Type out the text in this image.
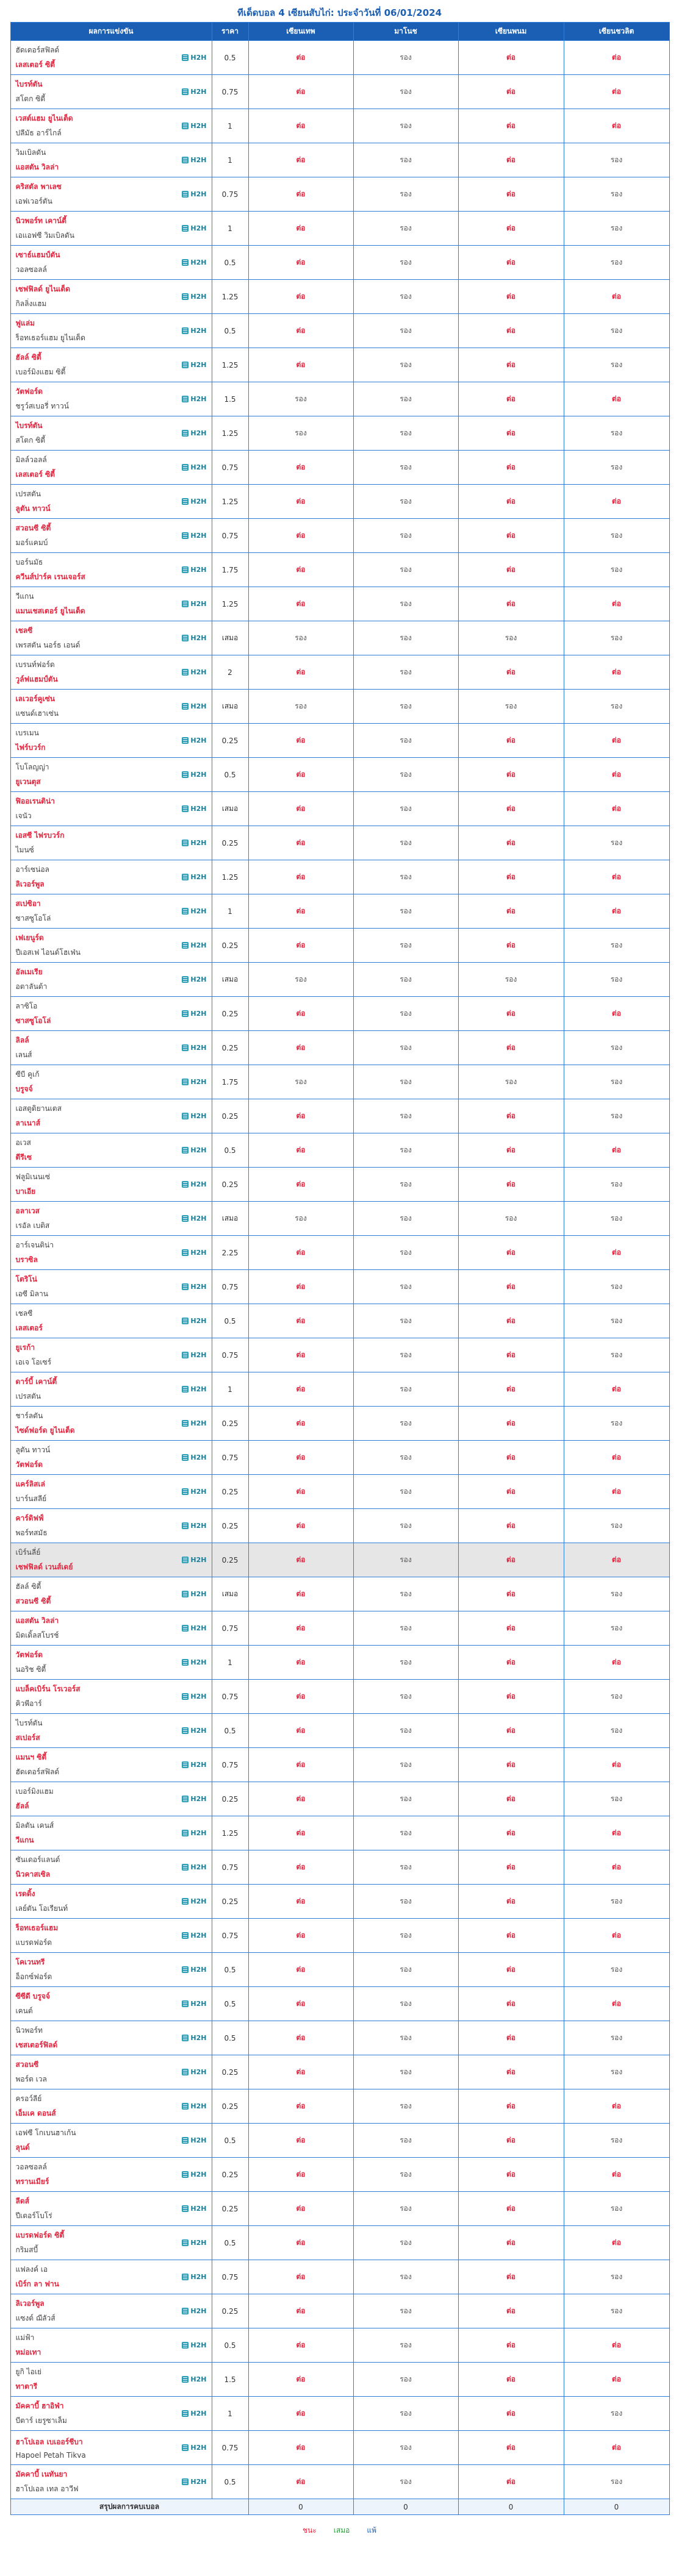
ทีเด็ดบอล 4 เซียนสับไก่: ประจำวันที่ 06/01/2024
ผลการแข่งขัน	ราคา	เซียนเทพ	มาโนช	เซียนพนม	เซียนชวลิต

ฮัดเดอร์สฟิลด์
เลสเตอร์ ซิตี้
H2H	0.5	ต่อ	รอง	ต่อ	ต่อ

ไบรท์ตัน
สโตก ซิตี้
H2H	0.75	ต่อ	รอง	ต่อ	ต่อ

เวสต์แฮม ยูไนเต็ด
ปลีมัธ อาร์ไกล์
H2H	1	ต่อ	รอง	ต่อ	ต่อ

วิมเบิลดัน
แอสตัน วิลล่า
H2H	1	ต่อ	รอง	ต่อ	รอง

คริสตัล พาเลซ
เอฟเวอร์ตัน
H2H	0.75	ต่อ	รอง	ต่อ	รอง

นิวพอร์ท เคาน์ตี้
เอแอฟซี วิมเบิลดัน
H2H	1	ต่อ	รอง	ต่อ	รอง

เซาธ์แฮมป์ตัน
วอลซอลล์
H2H	0.5	ต่อ	รอง	ต่อ	รอง

เชฟฟิลด์ ยูไนเต็ด
กิลลิ่งแฮม
H2H	1.25	ต่อ	รอง	ต่อ	ต่อ

ฟูแล่ม
ร็อทเธอร์แฮม ยูไนเต็ด
H2H	0.5	ต่อ	รอง	ต่อ	รอง

ฮัลล์ ซิตี้
เบอร์มิงแฮม ซิตี้
H2H	1.25	ต่อ	รอง	ต่อ	รอง

วัตฟอร์ด
ชรูว์สเบอรี่ ทาวน์
H2H	1.5	รอง	รอง	ต่อ	ต่อ

ไบรท์ตัน
สโตก ซิตี้
H2H	1.25	รอง	รอง	ต่อ	รอง

มิลล์วอลล์
เลสเตอร์ ซิตี้
H2H	0.75	ต่อ	รอง	ต่อ	รอง

เปรสตัน
ลูตัน ทาวน์
H2H	1.25	ต่อ	รอง	ต่อ	ต่อ

สวอนซี ซิตี้
มอร์แคมบ์
H2H	0.75	ต่อ	รอง	ต่อ	รอง

บอร์นมัธ
ควีนส์ปาร์ค เรนเจอร์ส
H2H	1.75	ต่อ	รอง	ต่อ	รอง

วีแกน
แมนเชสเตอร์ ยูไนเต็ด
H2H	1.25	ต่อ	รอง	ต่อ	ต่อ

เชลซี
เพรสตัน นอร์ธ เอนด์
H2H	เสมอ	รอง	รอง	รอง	รอง

เบรนท์ฟอร์ด
วูล์ฟแฮมป์ตัน
H2H	2	ต่อ	รอง	ต่อ	ต่อ

เลเวอร์คูเซ่น
แซนด์เฮาเซ่น
H2H	เสมอ	รอง	รอง	รอง	รอง

เบรเมน
ไฟร์บวร์ก
H2H	0.25	ต่อ	รอง	ต่อ	ต่อ

โบโลญญ่า
ยูเวนตุส
H2H	0.5	ต่อ	รอง	ต่อ	ต่อ

ฟิออเรนติน่า
เจนัว
H2H	เสมอ	ต่อ	รอง	ต่อ	ต่อ

เอสซี ไฟรบวร์ก
ไมนซ์
H2H	0.25	ต่อ	รอง	ต่อ	รอง

อาร์เซน่อล
ลิเวอร์พูล
H2H	1.25	ต่อ	รอง	ต่อ	ต่อ

สเปซิอา
ซาสซูโอโล่
H2H	1	ต่อ	รอง	ต่อ	ต่อ

เฟเยนูร์ด
ปีเอสเฟ ไอนด์โฮเฟ่น
H2H	0.25	ต่อ	รอง	ต่อ	รอง

อัลเมเรีย
อตาลันต้า
H2H	เสมอ	รอง	รอง	รอง	รอง

ลาซิโอ
ซาสซูโอโล่
H2H	0.25	ต่อ	รอง	ต่อ	ต่อ

ลิลล์
เลนส์
H2H	0.25	ต่อ	รอง	ต่อ	รอง

ซีบี คูเก้
บรูจจ์
H2H	1.75	รอง	รอง	รอง	รอง

เอสตูดิยานเตส
ลาเนาส์
H2H	0.25	ต่อ	รอง	ต่อ	รอง

อเวส
ตีรีเซ
H2H	0.5	ต่อ	รอง	ต่อ	ต่อ

ฟลูมิเนนเซ่
บาเอีย
H2H	0.25	ต่อ	รอง	ต่อ	รอง

อลาเวส
เรอัล เบติส
H2H	เสมอ	รอง	รอง	รอง	รอง

อาร์เจนติน่า
บราซิล
H2H	2.25	ต่อ	รอง	ต่อ	ต่อ

โตริโน่
เอซี มิลาน
H2H	0.75	ต่อ	รอง	ต่อ	รอง

เชลซี
เลสเตอร์
H2H	0.5	ต่อ	รอง	ต่อ	รอง

ยูเรก้า
เอเจ โอเซร์
H2H	0.75	ต่อ	รอง	ต่อ	รอง

ดาร์บี้ เคาน์ตี้
เปรสตัน
H2H	1	ต่อ	รอง	ต่อ	ต่อ

ชาร์ลตัน
ไซด์ฟอร์ด ยูไนเต็ด
H2H	0.25	ต่อ	รอง	ต่อ	รอง

ลูตัน ทาวน์
วัตฟอร์ด
H2H	0.75	ต่อ	รอง	ต่อ	ต่อ

แคร์ลิสเล่
บาร์นสลีย์
H2H	0.25	ต่อ	รอง	ต่อ	ต่อ

คาร์ดิฟฟ์
พอร์ทสมัธ
H2H	0.25	ต่อ	รอง	ต่อ	รอง

เบิร์นลี่ย์
เชฟฟิลด์ เวนส์เดย์
H2H	0.25	ต่อ	รอง	ต่อ	ต่อ

ฮัลล์ ซิตี้
สวอนซี ซิตี้
H2H	เสมอ	ต่อ	รอง	ต่อ	รอง

แอสตัน วิลล่า
มิดเดิ้ลสโบรช์
H2H	0.75	ต่อ	รอง	ต่อ	รอง

วัตฟอร์ด
นอริช ซิตี้
H2H	1	ต่อ	รอง	ต่อ	ต่อ

แบล็คเบิร์น โรเวอร์ส
คิวพีอาร์
H2H	0.75	ต่อ	รอง	ต่อ	รอง

ไบรท์ตัน
สเปอร์ส
H2H	0.5	ต่อ	รอง	ต่อ	รอง

แมนฯ ซิตี้
ฮัดเดอร์สฟิลด์
H2H	0.75	ต่อ	รอง	ต่อ	ต่อ

เบอร์มิงแฮม
ฮัลล์
H2H	0.25	ต่อ	รอง	ต่อ	รอง

มิลตัน เคนส์
วีแกน
H2H	1.25	ต่อ	รอง	ต่อ	ต่อ

ซันเดอร์แลนด์
นิวคาสเซิล
H2H	0.75	ต่อ	รอง	ต่อ	ต่อ

เรดดิ้ง
เลย์ตัน โอเรียนท์
H2H	0.25	ต่อ	รอง	ต่อ	รอง

ร็อทเธอร์แฮม
แบรดฟอร์ด
H2H	0.75	ต่อ	รอง	ต่อ	ต่อ

โคเวนทรี
อ็อกซ์ฟอร์ด
H2H	0.5	ต่อ	รอง	ต่อ	รอง

ซีซีดี บรูจจ์
เคนต์
H2H	0.5	ต่อ	รอง	ต่อ	ต่อ

นิวพอร์ท
เชสเตอร์ฟิลด์
H2H	0.5	ต่อ	รอง	ต่อ	รอง

สวอนซี
พอร์ต เวล
H2H	0.25	ต่อ	รอง	ต่อ	รอง

ครอว์ลีย์
เอ็มเค ดอนส์
H2H	0.25	ต่อ	รอง	ต่อ	ต่อ

เอฟซี โกเบนฮาเก้น
ลุนด์
H2H	0.5	ต่อ	รอง	ต่อ	รอง

วอลซอลล์
ทรานเมียร์
H2H	0.25	ต่อ	รอง	ต่อ	ต่อ

ลีดส์
ปีเตอร์โบโร่
H2H	0.25	ต่อ	รอง	ต่อ	รอง

แบรดฟอร์ด ซิตี้
กริมสบี้
H2H	0.5	ต่อ	รอง	ต่อ	ต่อ

แฟลงค์ เอ
เบิร์ก ลา ฟาน
H2H	0.75	ต่อ	รอง	ต่อ	รอง

ลิเวอร์พูล
แซงต์ ฌีลัวส์
H2H	0.25	ต่อ	รอง	ต่อ	รอง

แม่ฟ้า
หม่อเทา
H2H	0.5	ต่อ	รอง	ต่อ	ต่อ

ยูกิ ไอเย่
ทาตารี
H2H	1.5	ต่อ	รอง	ต่อ	ต่อ

มัคคาบี้ ฮาอิฟ่า
บีตาร์ เยรูซาเล็ม
H2H	1	ต่อ	รอง	ต่อ	รอง

ฮาโปเอล เบเออร์ชีบา
Hapoel Petah Tikva
H2H	0.75	ต่อ	รอง	ต่อ	ต่อ

มัคคาบี้ เนทันยา
ฮาโปเอล เทล อาวีฟ
H2H	0.5	ต่อ	รอง	ต่อ	รอง
สรุปผลการคบเบอล		0	0	0	0
ชนะ	เสมอ	แพ้
